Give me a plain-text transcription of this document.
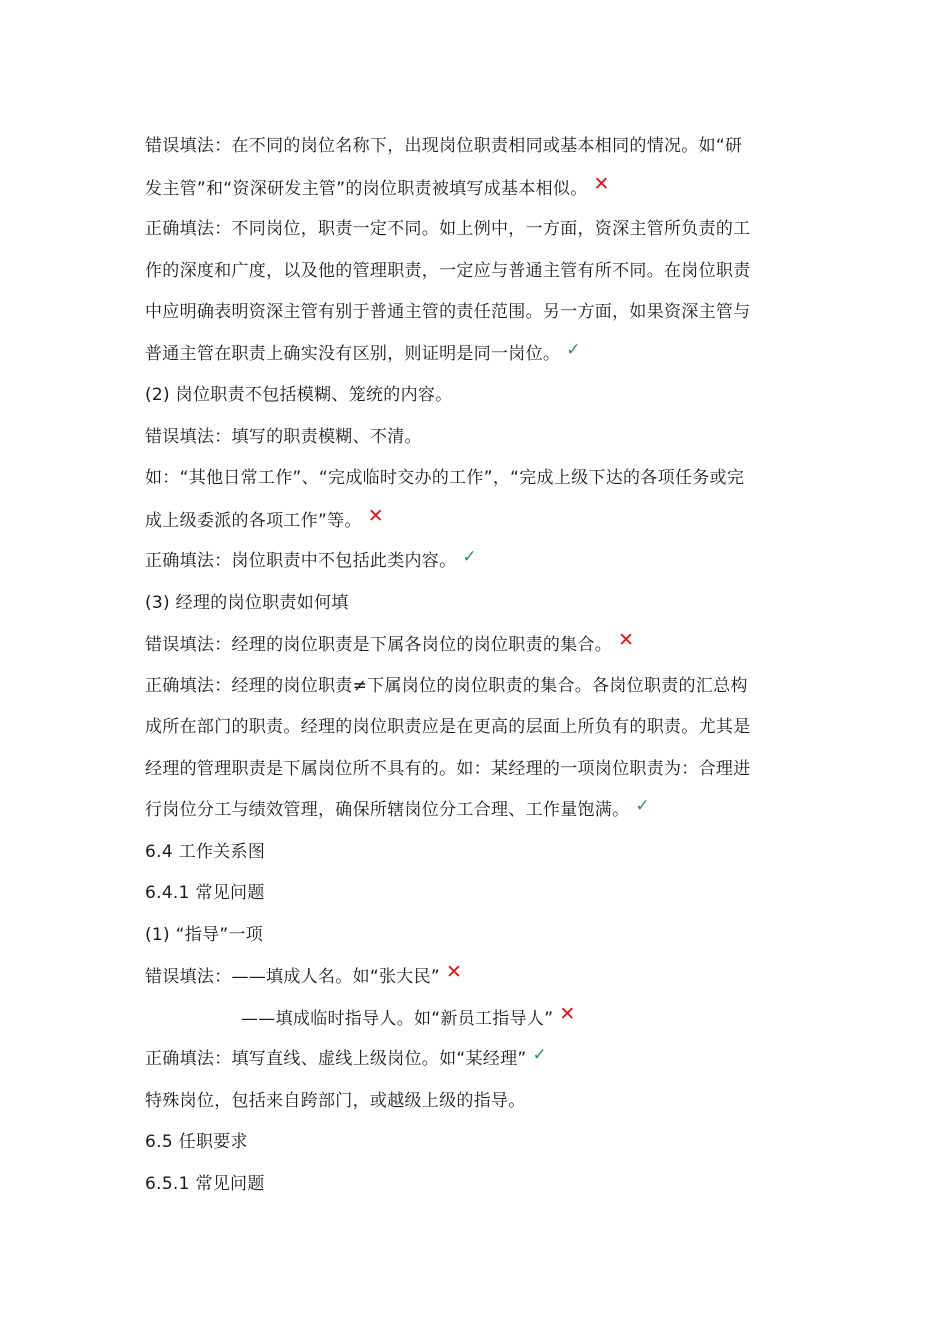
错误填法：在不同的岗位名称下，出现岗位职责相同或基本相同的情况。如“研
发主管”和“资深研发主管”的岗位职责被填写成基本相似。 ✕
正确填法：不同岗位，职责一定不同。如上例中，一方面，资深主管所负责的工
作的深度和广度，以及他的管理职责，一定应与普通主管有所不同。在岗位职责
中应明确表明资深主管有别于普通主管的责任范围。另一方面，如果资深主管与
普通主管在职责上确实没有区别，则证明是同一岗位。 ✓
(2) 岗位职责不包括模糊、笼统的内容。
错误填法：填写的职责模糊、不清。
如：“其他日常工作”、“完成临时交办的工作”，“完成上级下达的各项任务或完
成上级委派的各项工作”等。 ✕
正确填法：岗位职责中不包括此类内容。 ✓
(3) 经理的岗位职责如何填
错误填法：经理的岗位职责是下属各岗位的岗位职责的集合。 ✕
正确填法：经理的岗位职责≠下属岗位的岗位职责的集合。各岗位职责的汇总构
成所在部门的职责。经理的岗位职责应是在更高的层面上所负有的职责。尤其是
经理的管理职责是下属岗位所不具有的。如：某经理的一项岗位职责为：合理进
行岗位分工与绩效管理，确保所辖岗位分工合理、工作量饱满。 ✓
6.4 工作关系图
6.4.1 常见问题
(1) “指导”一项
错误填法：——填成人名。如“张大民” ✕
——填成临时指导人。如“新员工指导人” ✕
正确填法：填写直线、虚线上级岗位。如“某经理” ✓
特殊岗位，包括来自跨部门，或越级上级的指导。
6.5 任职要求
6.5.1 常见问题
